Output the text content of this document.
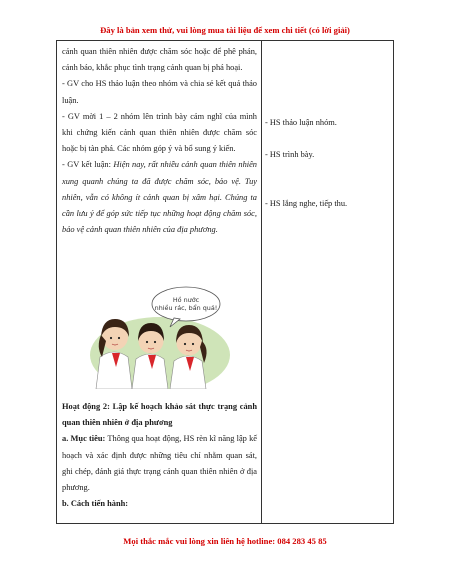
Đây là bản xem thử, vui lòng mua tài liệu để xem chi tiết (có lời giải)

cảnh quan thiên nhiên được chăm sóc hoặc để phê phán, cảnh báo, khắc phục tình trạng cảnh quan bị phá hoại.

- GV cho HS thảo luận theo nhóm và chia sẻ kết quả thảo luận.

- GV mời 1 – 2 nhóm lên trình bày cảm nghĩ của mình khi chứng kiến cảnh quan thiên nhiên được chăm sóc hoặc bị tàn phá. Các nhóm góp ý và bổ sung ý kiến.

- GV kết luận: Hiện nay, rất nhiều cảnh quan thiên nhiên xung quanh chúng ta đã được chăm sóc, bảo vệ. Tuy nhiên, vẫn có không ít cảnh quan bị xâm hại. Chúng ta cần lưu ý để góp sức tiếp tục những hoạt động chăm sóc, bảo vệ cảnh quan thiên nhiên của địa phương.

Hồ nước
nhiều rác, bẩn quá!

Hoạt động 2: Lập kế hoạch khảo sát thực trạng cảnh quan thiên nhiên ở địa phương

a. Mục tiêu: Thông qua hoạt động, HS rèn kĩ năng lập kế hoạch và xác định được những tiêu chí nhằm quan sát, ghi chép, đánh giá thực trạng cảnh quan thiên nhiên ở địa phương.

b. Cách tiến hành:

- HS thảo luận nhóm.
- HS trình bày.
- HS lắng nghe, tiếp thu.
Mọi thắc mắc vui lòng xin liên hệ hotline: 084 283 45 85
